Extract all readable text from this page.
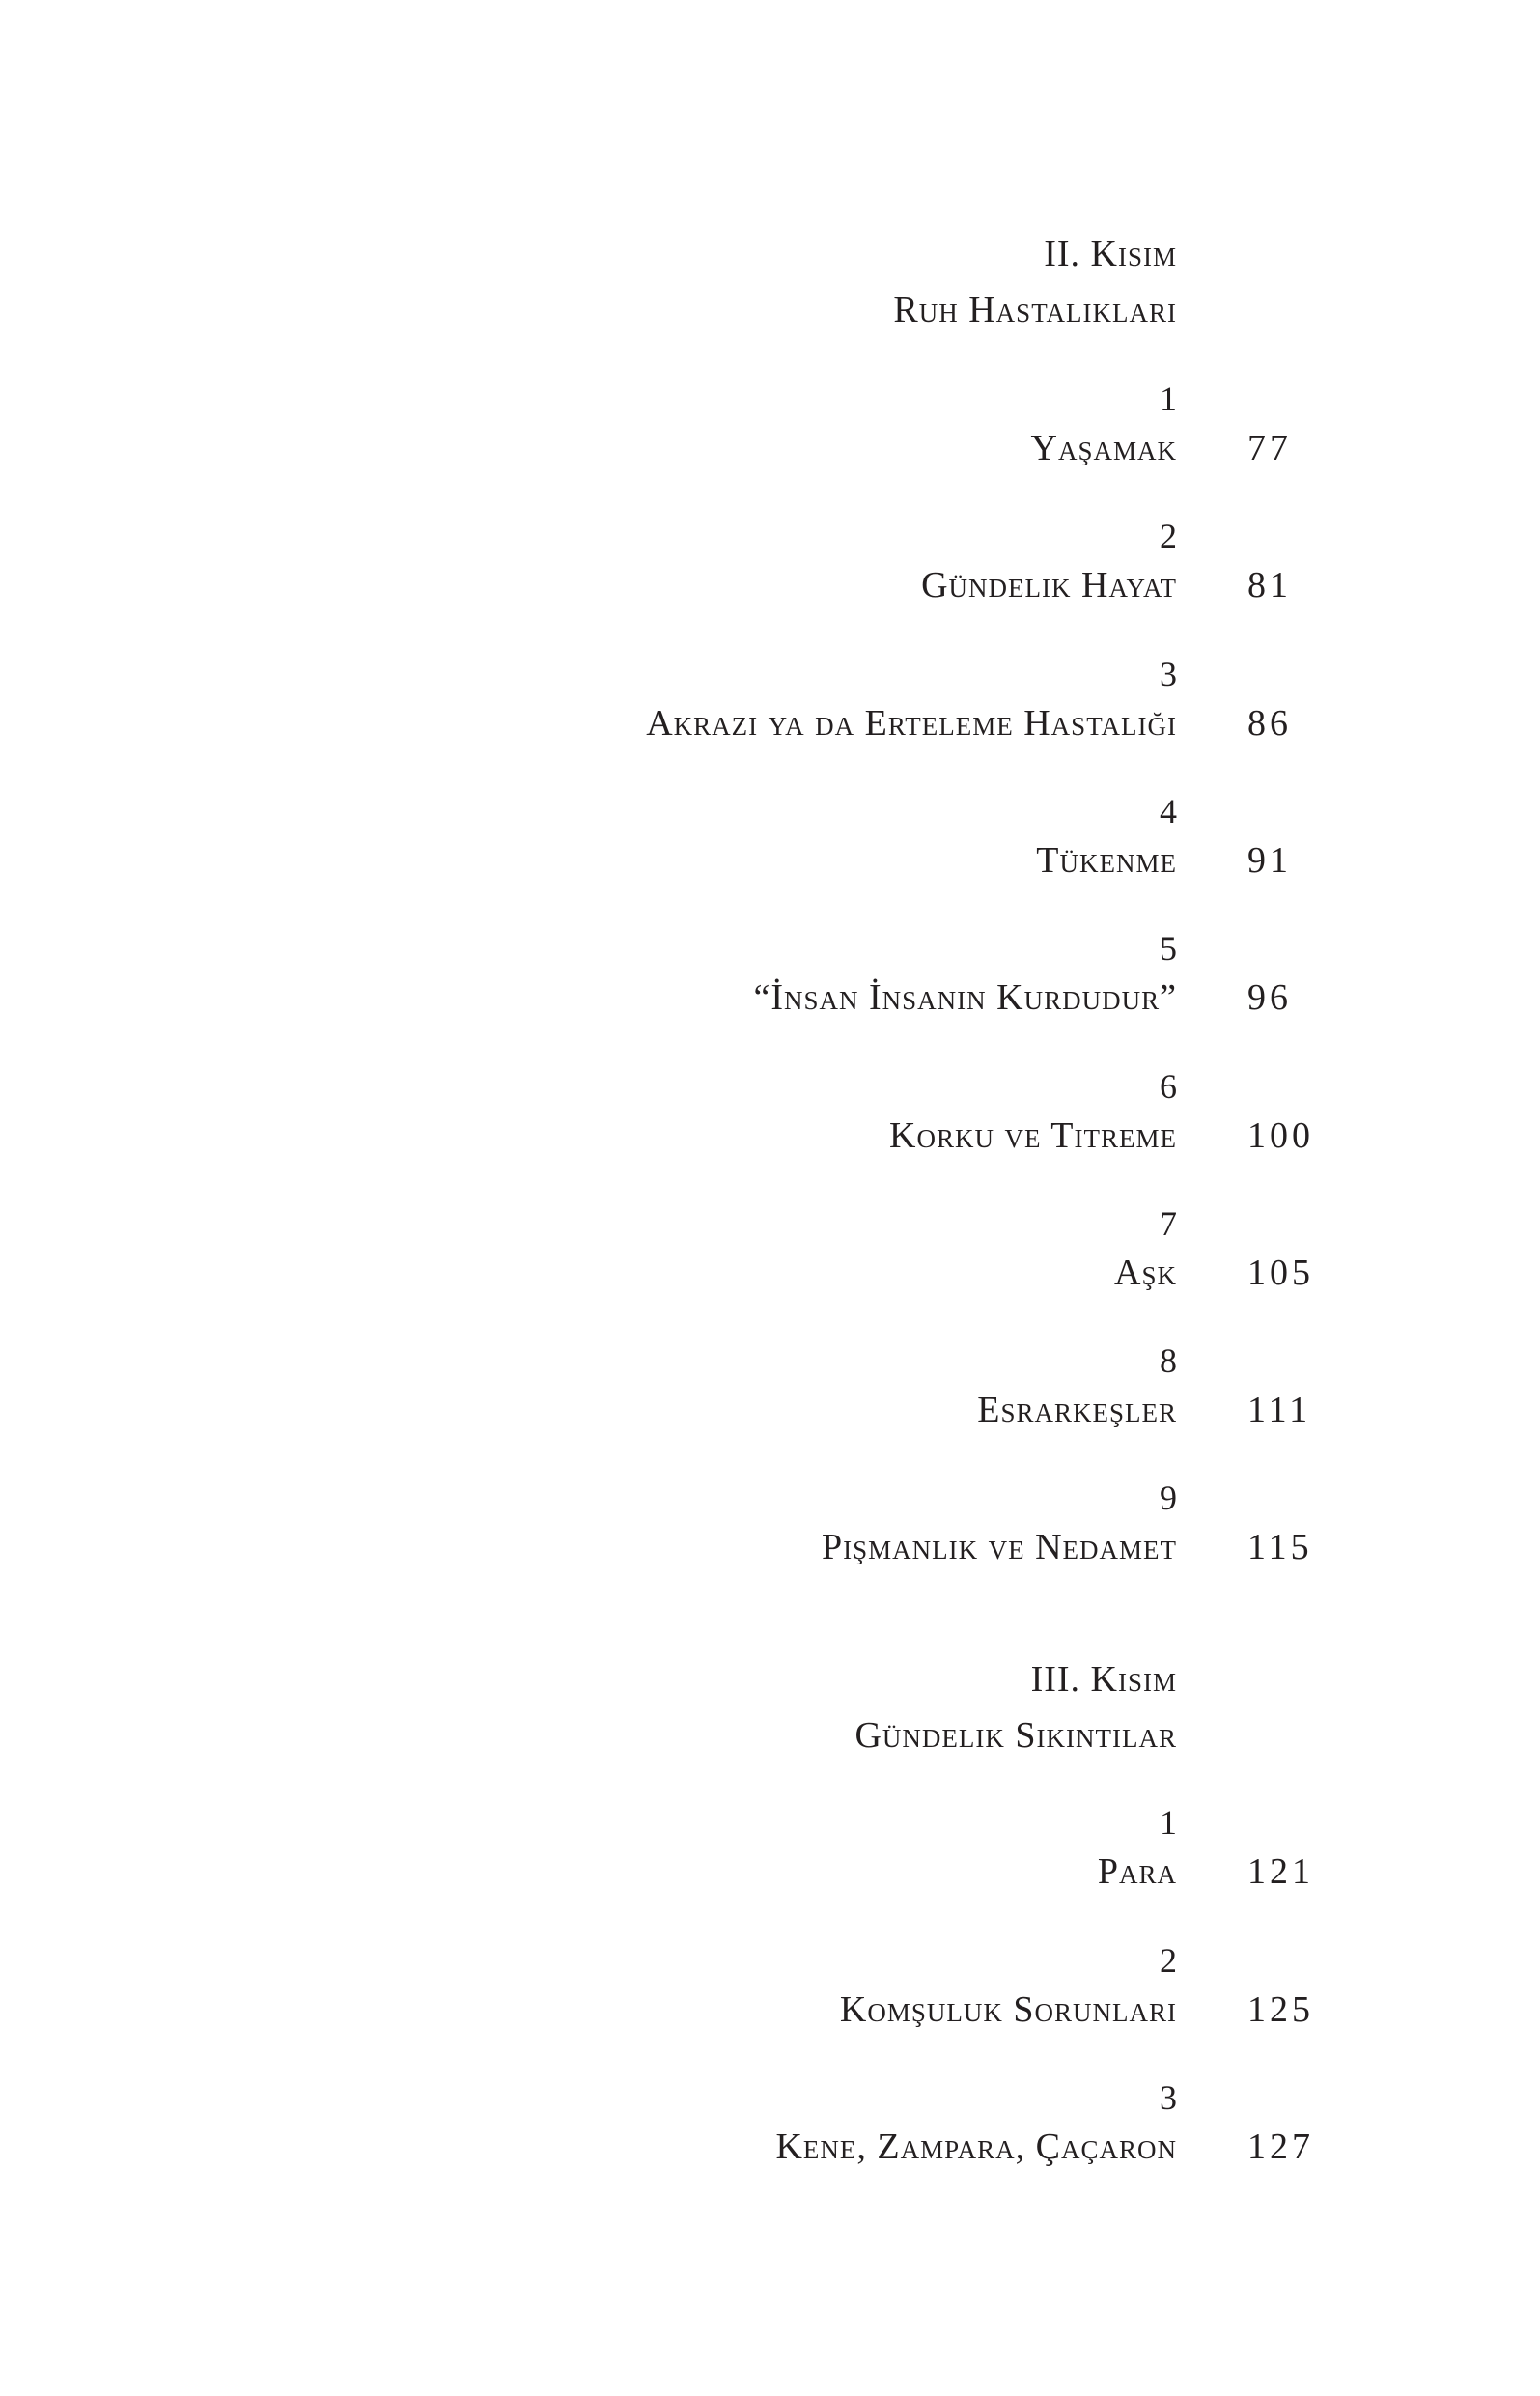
II. Kısım
Ruh Hastalıkları
1
Yaşamak 77
2
Gündelik Hayat 81
3
Akrazi ya da Erteleme Hastalığı 86
4
Tükenme 91
5
“İnsan İnsanın Kurdudur” 96
6
Korku ve Titreme 100
7
Aşk 105
8
Esrarkeşler 111
9
Pişmanlık ve Nedamet 115
III. Kısım
Gündelik Sıkıntılar
1
Para 121
2
Komşuluk Sorunları 125
3
Kene, Zampara, Çaçaron 127
